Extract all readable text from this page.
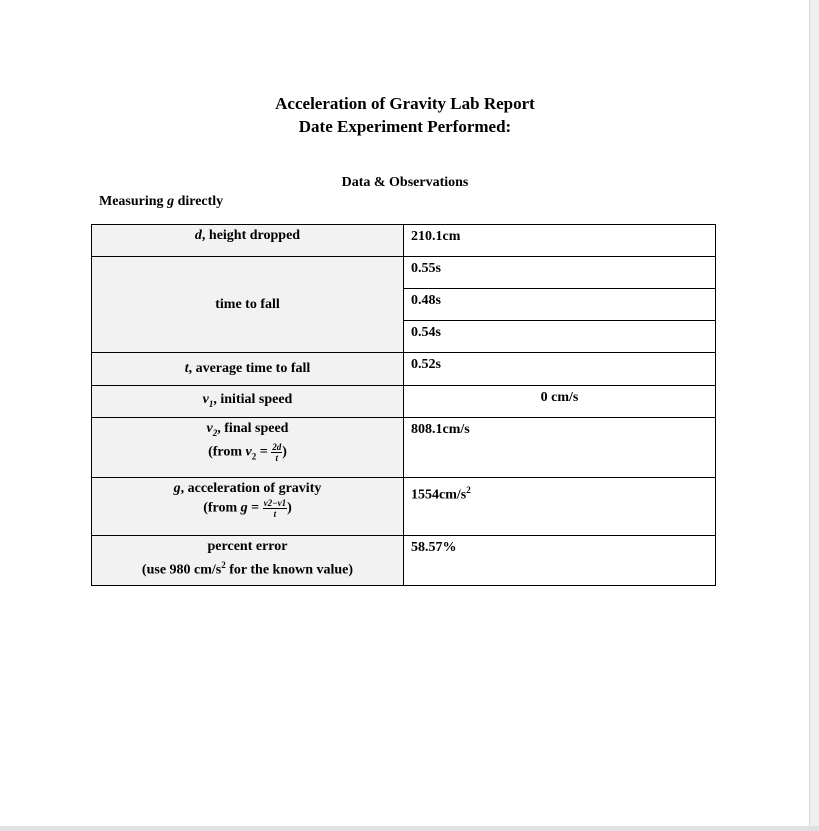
Acceleration of Gravity Lab Report
Date Experiment Performed:
Data & Observations
Measuring g directly
d, height dropped	210.1cm
time to fall	0.55s
	0.48s
	0.54s
t, average time to fall	0.52s
$v_1$, initial speed	0 cm/s

$v_2$, final speed
(from $v_2 = \frac{2d}{t}$ )	808.1cm/s

g, acceleration of gravity
(from $g = \frac{v2-v1}{t}$ )	$1554cm/s^2$

percent error
(use 980 $cm/s^2$ for the known value)	58.57%
